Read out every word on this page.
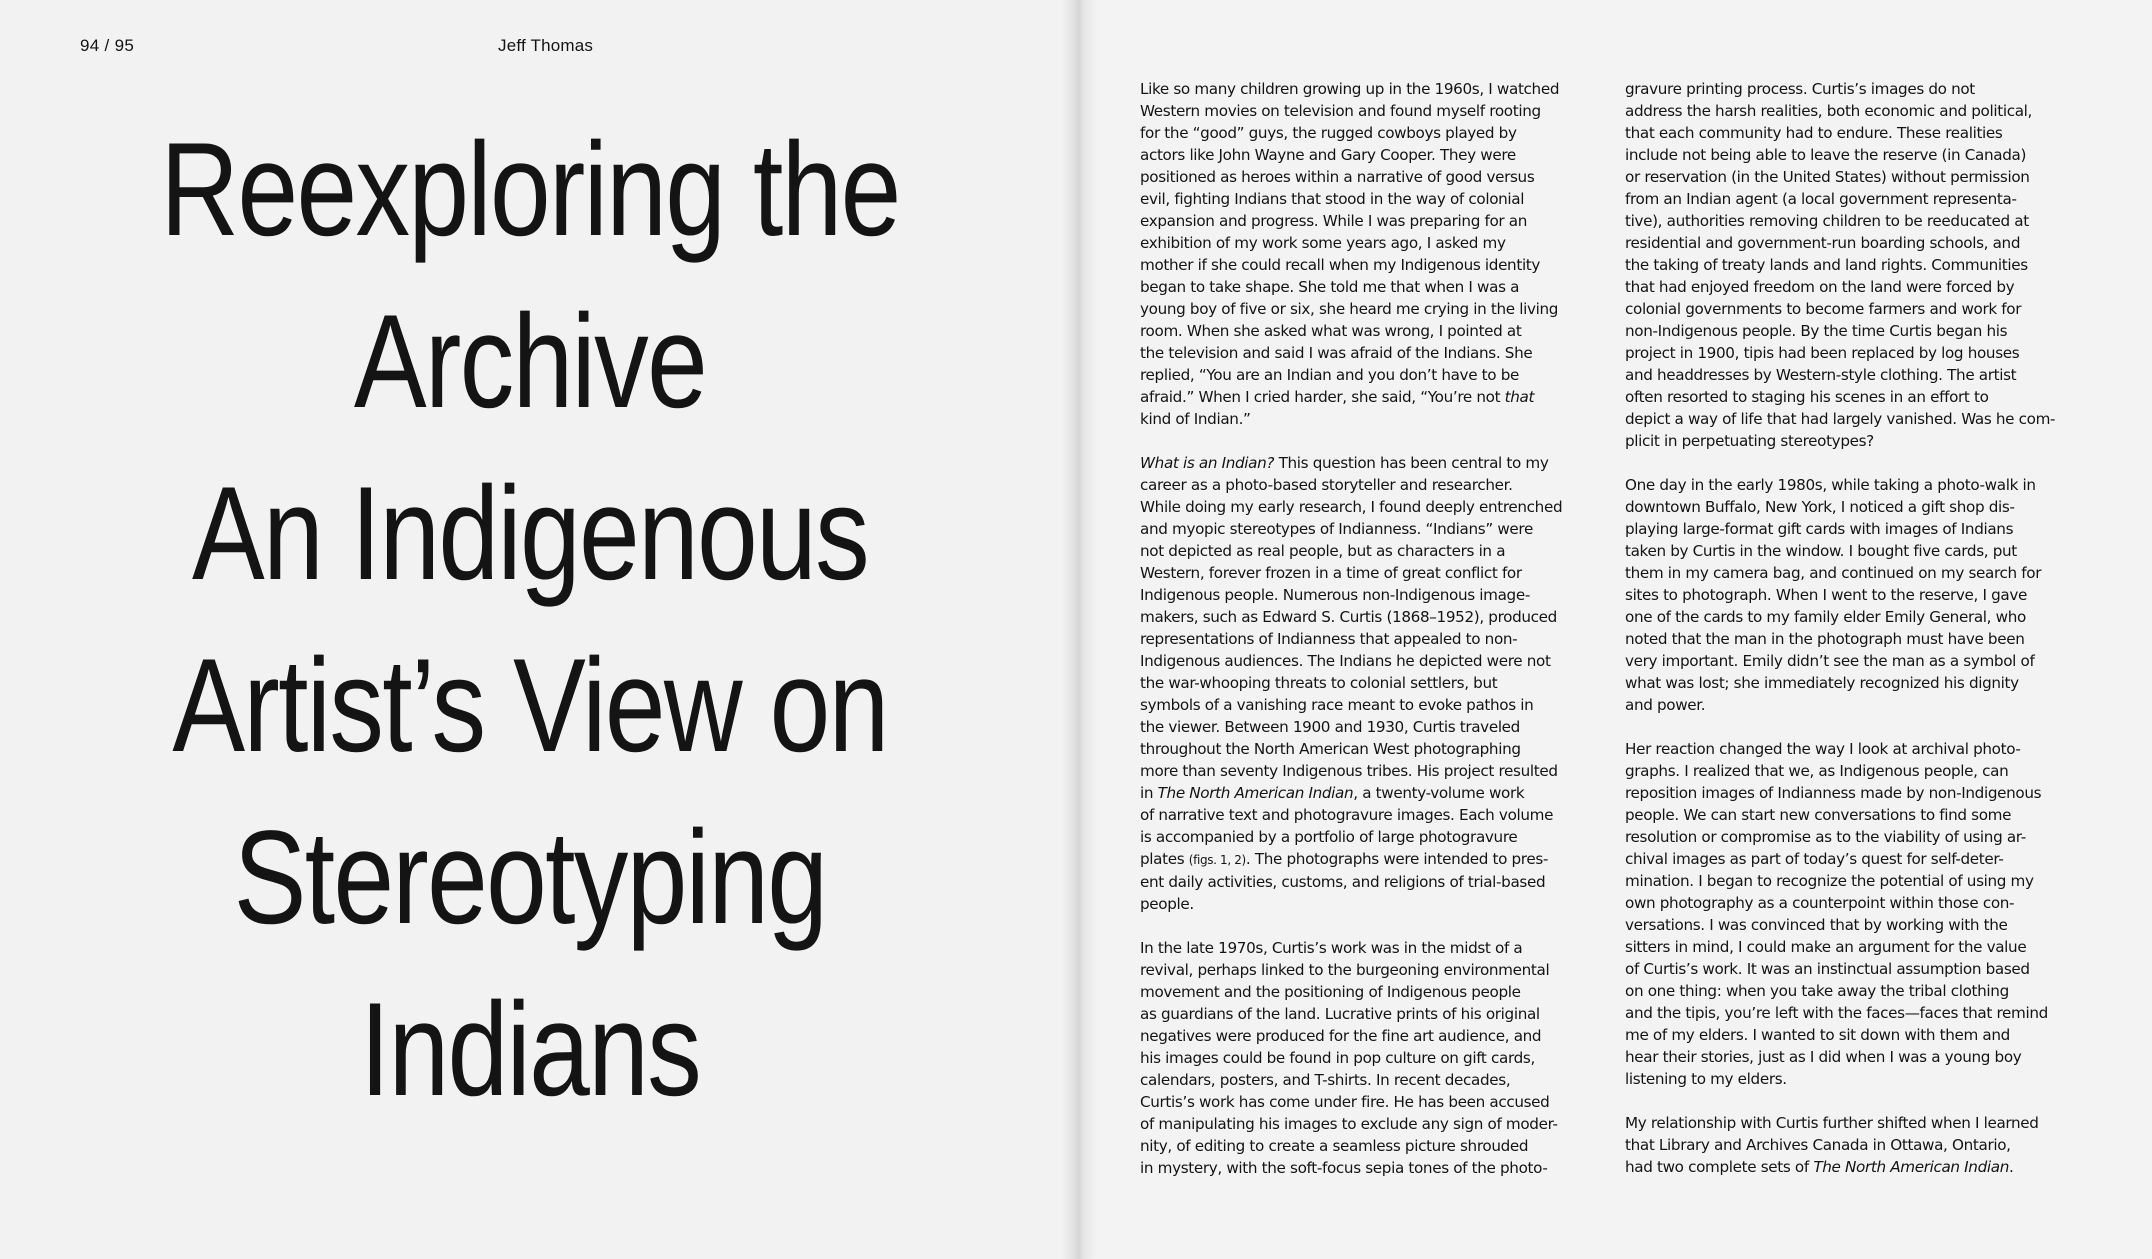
94 / 95	Jeff Thomas
Reexploring the
Archive
An Indigenous
Artist’s View on
Stereotyping
Indians

Like so many children growing up in the 1960s, I watched
Western movies on television and found myself rooting
for the “good” guys, the rugged cowboys played by
actors like John Wayne and Gary Cooper. They were
positioned as heroes within a narrative of good versus
evil, fighting Indians that stood in the way of colonial
expansion and progress. While I was preparing for an
exhibition of my work some years ago, I asked my
mother if she could recall when my Indigenous identity
began to take shape. She told me that when I was a
young boy of five or six, she heard me crying in the living
room. When she asked what was wrong, I pointed at
the television and said I was afraid of the Indians. She
replied, “You are an Indian and you don’t have to be
afraid.” When I cried harder, she said, “You’re not that
kind of Indian.”

What is an Indian? This question has been central to my
career as a photo-based storyteller and researcher.
While doing my early research, I found deeply entrenched
and myopic stereotypes of Indianness. “Indians” were
not depicted as real people, but as characters in a
Western, forever frozen in a time of great conflict for
Indigenous people. Numerous non-Indigenous image-
makers, such as Edward S. Curtis (1868–1952), produced
representations of Indianness that appealed to non-
Indigenous audiences. The Indians he depicted were not
the war-whooping threats to colonial settlers, but
symbols of a vanishing race meant to evoke pathos in
the viewer. Between 1900 and 1930, Curtis traveled
throughout the North American West photographing
more than seventy Indigenous tribes. His project resulted
in The North American Indian, a twenty-volume work
of narrative text and photogravure images. Each volume
is accompanied by a portfolio of large photogravure
plates (figs. 1, 2). The photographs were intended to pres-
ent daily activities, customs, and religions of trial-based
people.

In the late 1970s, Curtis’s work was in the midst of a
revival, perhaps linked to the burgeoning environmental
movement and the positioning of Indigenous people
as guardians of the land. Lucrative prints of his original
negatives were produced for the fine art audience, and
his images could be found in pop culture on gift cards,
calendars, posters, and T-shirts. In recent decades,
Curtis’s work has come under fire. He has been accused
of manipulating his images to exclude any sign of moder-
nity, of editing to create a seamless picture shrouded
in mystery, with the soft-focus sepia tones of the photo-

gravure printing process. Curtis’s images do not
address the harsh realities, both economic and political,
that each community had to endure. These realities
include not being able to leave the reserve (in Canada)
or reservation (in the United States) without permission
from an Indian agent (a local government representa-
tive), authorities removing children to be reeducated at
residential and government-run boarding schools, and
the taking of treaty lands and land rights. Communities
that had enjoyed freedom on the land were forced by
colonial governments to become farmers and work for
non-Indigenous people. By the time Curtis began his
project in 1900, tipis had been replaced by log houses
and headdresses by Western-style clothing. The artist
often resorted to staging his scenes in an effort to
depict a way of life that had largely vanished. Was he com-
plicit in perpetuating stereotypes?

One day in the early 1980s, while taking a photo-walk in
downtown Buffalo, New York, I noticed a gift shop dis-
playing large-format gift cards with images of Indians
taken by Curtis in the window. I bought five cards, put
them in my camera bag, and continued on my search for
sites to photograph. When I went to the reserve, I gave
one of the cards to my family elder Emily General, who
noted that the man in the photograph must have been
very important. Emily didn’t see the man as a symbol of
what was lost; she immediately recognized his dignity
and power.

Her reaction changed the way I look at archival photo-
graphs. I realized that we, as Indigenous people, can
reposition images of Indianness made by non-Indigenous
people. We can start new conversations to find some
resolution or compromise as to the viability of using ar-
chival images as part of today’s quest for self-deter-
mination. I began to recognize the potential of using my
own photography as a counterpoint within those con-
versations. I was convinced that by working with the
sitters in mind, I could make an argument for the value
of Curtis’s work. It was an instinctual assumption based
on one thing: when you take away the tribal clothing
and the tipis, you’re left with the faces—faces that remind
me of my elders. I wanted to sit down with them and
hear their stories, just as I did when I was a young boy
listening to my elders.

My relationship with Curtis further shifted when I learned
that Library and Archives Canada in Ottawa, Ontario,
had two complete sets of The North American Indian.
